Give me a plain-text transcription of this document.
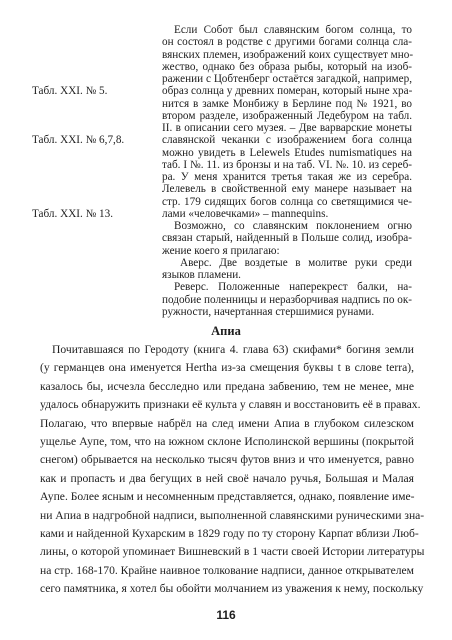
Табл. XXI. № 5.
Табл. XXI. № 6,7,8.
Табл. XXI. № 13.
Если Собот был славянским богом солнца, то
он состоял в родстве с другими богами солнца сла-
вянских племен, изображений коих существует мно-
жество, однако без образа рыбы, который на изоб-
ражении с Цобтенберг остаётся загадкой, например,
образ солнца у древних померан, который ныне хра-
нится в замке Монбижу в Берлине под № 1921, во
втором разделе, изображенный Ледебуром на табл.
II. в описании сего музея. – Две варварские монеты
славянской чеканки с изображением бога солнца
можно увидеть в Lelewels Etudes numismatiques на
таб. I №. 11. из бронзы и на таб. VI. №. 10. из сереб-
ра. У меня хранится третья такая же из серебра.
Лелевель в свойственной ему манере называет на
стр. 179 сидящих богов солнца со светящимися че-
лами «человечками» – mannequins.
Возможно, со славянским поклонением огню
связан старый, найденный в Польше солид, изобра-
жение коего я прилагаю:
Аверс. Две воздетые в молитве руки среди
языков пламени.
Реверс. Положенные наперекрест балки, на-
подобие поленницы и неразборчивая надпись по ок-
ружности, начертанная стершимися рунами.
Апиа
Почитавшаяся по Геродоту (книга 4. глава 63) скифами* богиня земли
(у германцев она именуется Hertha из-за смещения буквы t в слове terra),
казалось бы, исчезла бесследно или предана забвению, тем не менее, мне
удалось обнаружить признаки её культа у славян и восстановить её в правах.
Полагаю, что впервые набрёл на след имени Апиа в глубоком силезском
ущелье Аупе, том, что на южном склоне Исполинской вершины (покрытой
снегом) обрывается на несколько тысяч футов вниз и что именуется, равно
как и пропасть и два бегущих в ней своё начало ручья, Большая и Малая
Аупе. Более ясным и несомненным представляется, однако, появление име-
ни Апиа в надгробной надписи, выполненной славянскими руническими зна-
ками и найденной Кухарским в 1829 году по ту сторону Карпат вблизи Люб-
лины, о которой упоминает Вишневский в 1 части своей Истории литературы
на стр. 168-170. Крайне наивное толкование надписи, данное открывателем
сего памятника, я хотел бы обойти молчанием из уважения к нему, поскольку
116
